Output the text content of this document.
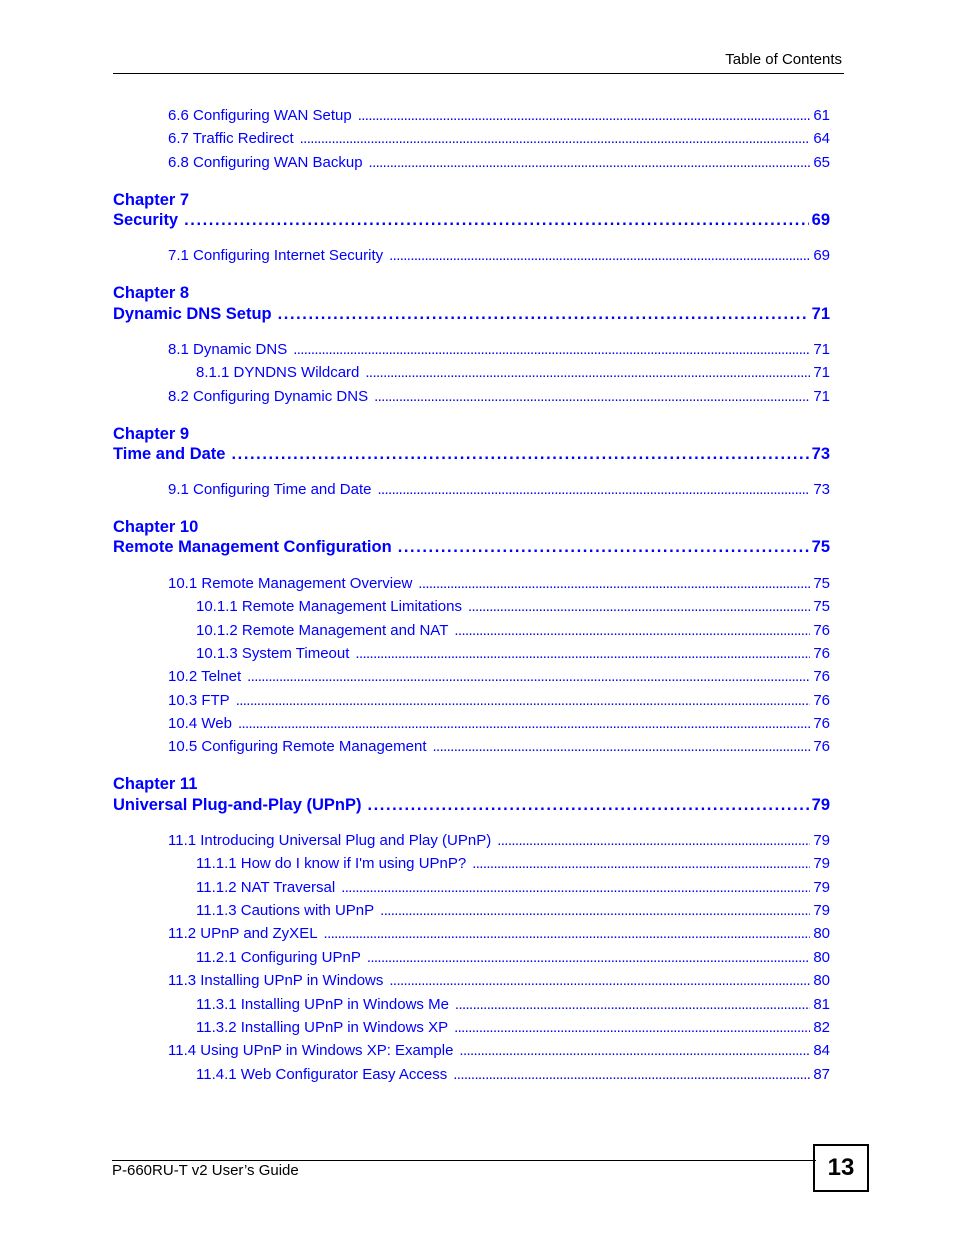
Table of Contents
6.6 Configuring WAN Setup . . .	61
6.7 Traffic Redirect . . .	64
6.8 Configuring WAN Backup . . .	65
Chapter 7
Security . . .	69
7.1 Configuring Internet Security . . .	69
Chapter 8
Dynamic DNS Setup . . .	71
8.1 Dynamic DNS . . .	71
8.1.1 DYNDNS Wildcard . . .	71
8.2 Configuring Dynamic DNS . . .	71
Chapter 9
Time and Date . . .	73
9.1 Configuring Time and Date . . .	73
Chapter 10
Remote Management Configuration . . .	75
10.1 Remote Management Overview . . .	75
10.1.1 Remote Management Limitations . . .	75
10.1.2 Remote Management and NAT . . .	76
10.1.3 System Timeout . . .	76
10.2 Telnet . . .	76
10.3 FTP . . .	76
10.4 Web . . .	76
10.5 Configuring Remote Management . . .	76
Chapter 11
Universal Plug-and-Play (UPnP) . . .	79
11.1 Introducing Universal Plug and Play (UPnP) . . .	79
11.1.1 How do I know if I'm using UPnP? . . .	79
11.1.2 NAT Traversal . . .	79
11.1.3 Cautions with UPnP . . .	79
11.2 UPnP and ZyXEL . . .	80
11.2.1 Configuring UPnP . . .	80
11.3 Installing UPnP in Windows . . .	80
11.3.1 Installing UPnP in Windows Me . . .	81
11.3.2 Installing UPnP in Windows XP . . .	82
11.4 Using UPnP in Windows XP: Example . . .	84
11.4.1 Web Configurator Easy Access . . .	87
P-660RU-T v2 User’s Guide	13
